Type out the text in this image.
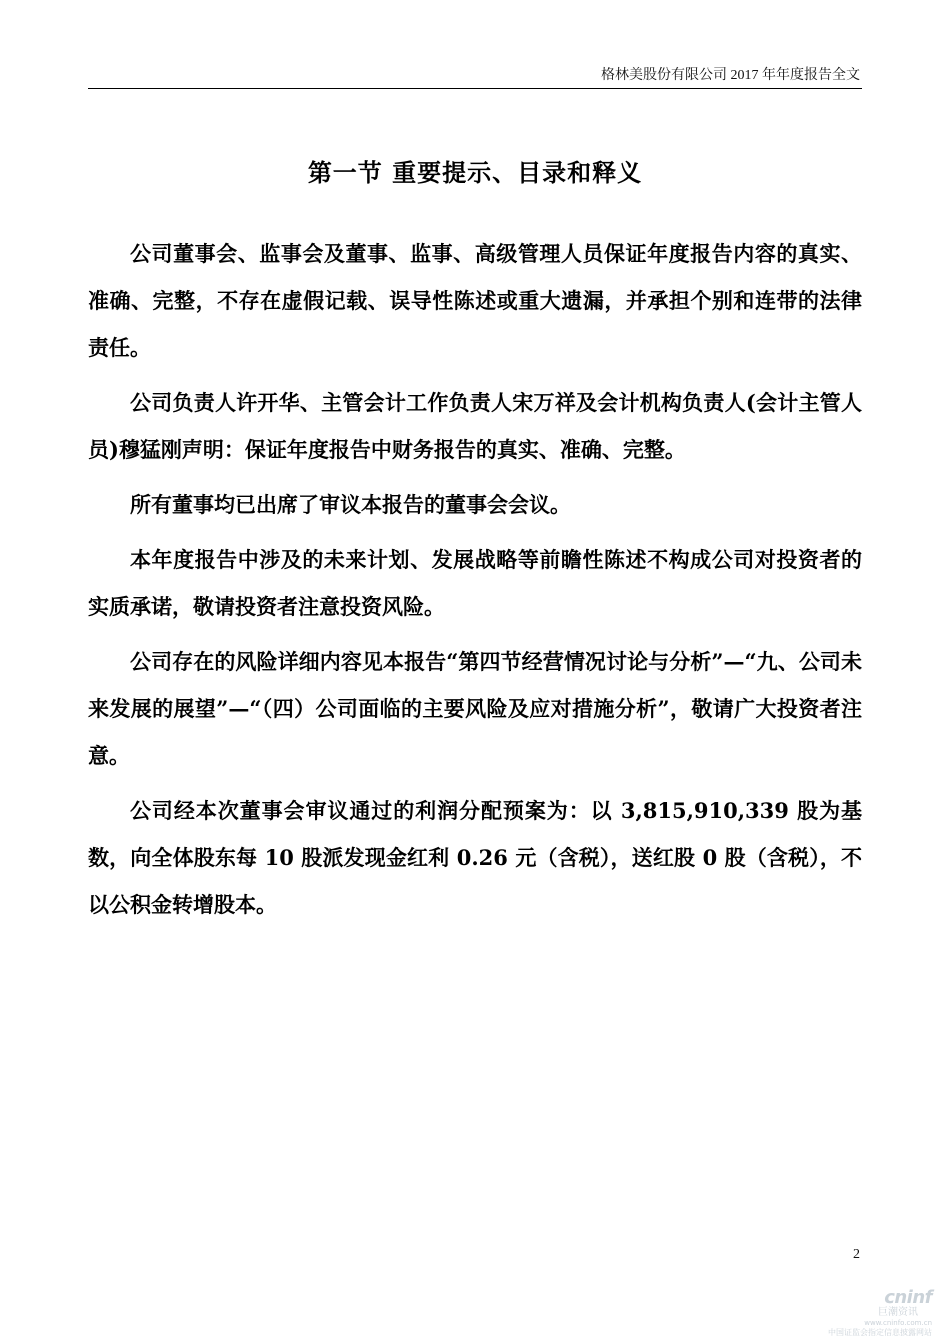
格林美股份有限公司 2017 年年度报告全文
第一节 重要提示、目录和释义

公司董事会、监事会及董事、监事、高级管理人员保证年度报告内容的真实、准确、完整，不存在虚假记载、误导性陈述或重大遗漏，并承担个别和连带的法律责任。

公司负责人许开华、主管会计工作负责人宋万祥及会计机构负责人(会计主管人员)穆猛刚声明：保证年度报告中财务报告的真实、准确、完整。

所有董事均已出席了审议本报告的董事会会议。

本年度报告中涉及的未来计划、发展战略等前瞻性陈述不构成公司对投资者的实质承诺，敬请投资者注意投资风险。

公司存在的风险详细内容见本报告“第四节经营情况讨论与分析”—“九、公司未来发展的展望”—“（四）公司面临的主要风险及应对措施分析”，敬请广大投资者注意。

公司经本次董事会审议通过的利润分配预案为：以 3,815,910,339 股为基数，向全体股东每 10 股派发现金红利 0.26 元（含税），送红股 0 股（含税），不以公积金转增股本。

2
cninf
巨潮资讯
www.cninfo.com.cn
中国证监会指定信息披露网站
